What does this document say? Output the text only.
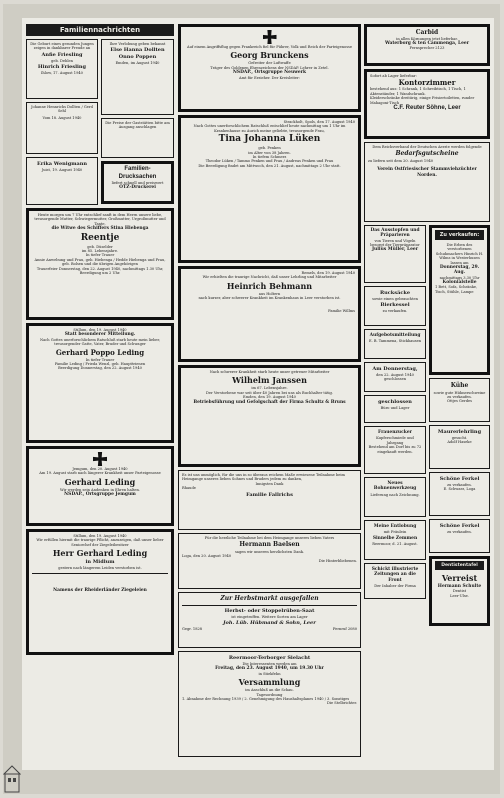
Familiennachrichten

Die Geburt eines gesunden Jungen zeigen in dankbarer Freude an

Anfie Friesling

geb. Dehlen

Hinrich Friesling

Ihlow, 17. August 1940

Johanne Hennrichs Dollten / Gerd Sehl

Vom 18. August 1940

Erika Wenigmann

Juist, 19. August 1940

Ihre Verlobung geben bekannt

Else Hanna Dollten

Onno Poppen

Emden, im August 1940

Die Preise der Gaststätten bitte am Ausgang anschlagen

Familien-

Drucksachen

liefert schnell und preiswert

OTZ-Druckerei

Heute morgen um 7 Uhr entschlief sanft in dem Herrn unsere liebe, treusorgende Mutter, Schwiegermutter, Großmutter, Urgroßmutter und Tante,

die Witwe des Schiffers Stina Hiebenga

Reentje

geb. Düselder

im 85. Lebensjahre.

In tiefer Trauer

Annie Anwebung und Frau, geb. Hiebenga / Hedde Hiebenga und Frau, geb. Bolsen und die übrigen Angehörigen

Trauerfeier Donnerstag, den 22. August 1940, nachmittags 1.30 Uhr, Beerdigung um 2 Uhr.

Stillum, den 19. August 1940

Statt besonderer Mitteilung.

Nach Gottes unerforschlichem Ratschluß starb heute mein lieber, treusorgender Gatte, Vater, Bruder und Schwager

Gerhard Poppo Leding

In tiefer Trauer

Familie Leding / Frieda Wenzl, geb. Haupttrienen

Beerdigung Donnerstag, den 22. August 1940

Jemgum, den 20. August 1940

Am 19. August starb nach längerer Krankheit unser Parteigenosse

Gerhard Leding

Wir werden sein Andenken in Ehren halten.

NSDAP., Ortsgruppe Jemgum

Stillum, den 19. August 1940

Wir erfüllen hiermit die traurige Pflicht, anzuzeigen, daß unser lieber Seniorchef der Ziegeleibesitzer

Herr Gerhard Leding

in Midlum

gestern nach längerem Leiden verstorben ist.

Namens der Rheiderländer Ziegeleien

Auf einem Angriffsflug gegen Frankreich fiel für Führer, Volk und Reich der Parteigenosse

Georg Brunckens

Gefreiter der Luftwaffe

Träger des Goldenen Ehrenzeichens der NSDAP. Lehrer in Zetel.

NSDAP., Ortsgruppe Neuwerk

Amt für Erzieher. Der Kreisleiter:

Strackholt, Spols, den 17. August 1940

Nach Gottes unerforschlichem Ratschluß entschlief heute nachmittag um 1 Uhr im Krankenhause zu Aurich meine geliebte, treusorgende Frau,

Tina Johanna Lüken

geb. Penken

im Alter von 38 Jahren.

In tiefem Schmerz

Theodor Lüken / Tammo Penken und Frau / Andreas Penken und Frau

Die Beerdigung findet am Mittwoch, den 21. August, nachmittags 2 Uhr statt.

Remels, den 19. August 1940

Wir erhielten die traurige Nachricht, daß unser Lehrling und Mitarbeiter

Heinrich Behmann

aus Holtern

nach kurzer, aber schwerer Krankheit im Krankenhaus in Leer verstorben ist.

Familie Willms

Nach schwerer Krankheit starb heute unser getreuer Mitarbeiter

Wilhelm Janssen

im 67. Lebensjahre.

Der Verstorbene war seit über 40 Jahren bei uns als Buchhalter tätig.

Emden, den 19. August 1940

Betriebsführung und Gefolgschaft der Firma Schultz & Bruns

Es ist uns unmöglich, für die uns in so überaus reichem Maße erwiesene Teilnahme beim Heimgange unseres lieben Sohnes und Bruders jedem zu danken,

Innigsten Dank

Rhaude

Familie Fallrichs

Für die herzliche Teilnahme bei dem Heimgange unseres lieben Vaters

Hermann Baelsen

sagen wir unseren herzlichsten Dank.

Loga, den 20. August 1940

Die Hinterbliebenen.

Zur Herbstmarkt ausgefallen

Herbst- oder Stoppelrüben-Saat

ist eingetroffen. Weitere Sorten am Lager

Joh. Lüb. Hübmand & Sohn, Leer

Gegr. 1828	Fernruf 2080

Reermoor-Terborger Sielacht

Die Interessenten werden am

Freitag, den 23. August 1940, um 19.30 Uhr

in Stiekfehn

Versammlung

im Anschluß an die Schau.

Tagesordnung

1. Abnahme der Rechnung 1939 / 2. Genehmigung des Haushaltsplanes 1940 / 3. Sonstiges

Die Stelbrichter.

Carbid

in allen Körnungen jetzt lieferbar.

Waterborg & ten Cammenga, Leer

Fernsprecher 2123

Sofort ab Lager lieferbar:

Kontorzimmer

bestehend aus: 1 Schrank, 1 Schreibtisch, 1 Tisch, 1 Aktenständer, 1 Wandschrank.

Kleiderschränke dreitürig, einige Frisiertoiletten, runder Mahagoni-Tisch

C.F. Reuter Söhne, Leer

Dem Reichsverband der Deutschen Aerzte werden folgende

Bedarfsgutscheine

zu liefern seit dem 20. August 1940

Verein Ostfriesischer Stammviehzüchter Norden.

Das Ausstopfen und Präparieren

von Tieren und Vögeln besorgt der Tierpräparator

Julius Müller, Leer

Rucksäcke

sowie einen gebrauchten

Bierkessel

zu verkaufen.

Aufgebotsmitteilung

E. B. Tammena, Stickhausen

Am Donnerstag,

den 22. August 1940 geschlossen

geschlossen

Büro und Lager

Frauenzucker

Kupferschmiede und Jahrgang

Bestehend am Dorf bis zu 72 eingekauft werden.

Neues Bohnenwerkzeug

Lieferung nach Zeichnung.

Meine Entlobung

mit Fräulein

Sinnelbe Zemmen

Reermoor, d. 21. August.

Schickt illustrierte Zeitungen an die Front

Der Inhaber der Firma

Zu verkaufen:

Die Erben des verstorbenen Schuhmachers Hinrich H. Wilms in Westerhusen lassen am

Donnerstag, 29. Aug.

nachmittags 3.30 Uhr

Kolonialstelle

1 Bett, Sofa, Schränke, Tisch, Stühle, Lampe

Kühe

sowie gute Hühnerschweine zu verkaufen.

Ottjes Gerdes

Maurerlehrling

gesucht.

Adolf Haseke

Schöne Ferkel

zu verkaufen.

E. Schwarz, Loga

Schöne Ferkel

zu verkaufen.

Dentistentafel

Verreist

Hermann Schulte

Dentist

Leer-Ulse.
